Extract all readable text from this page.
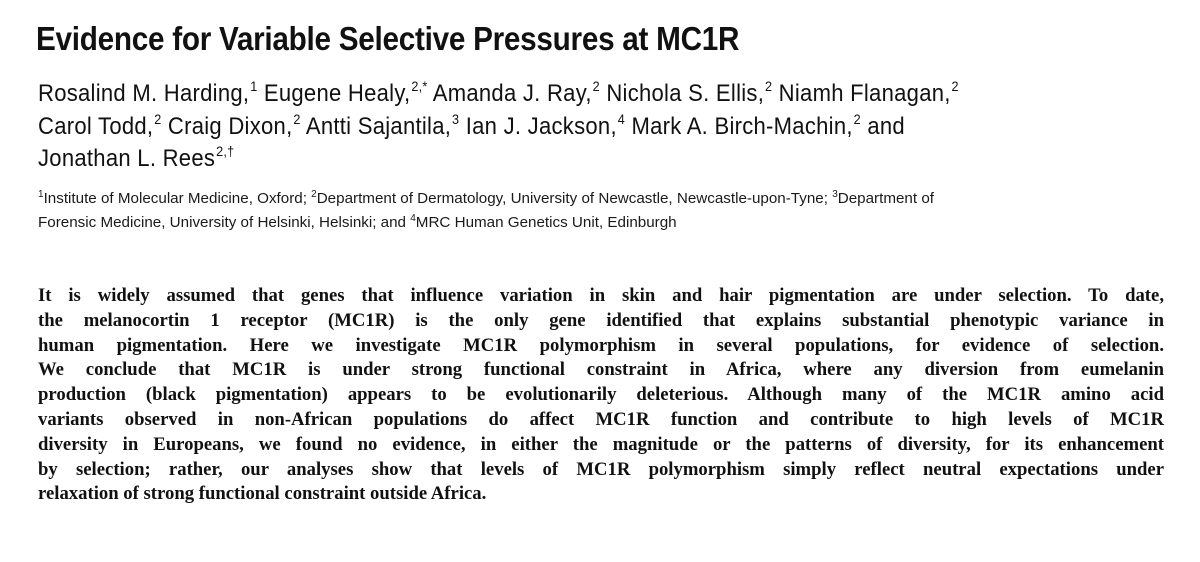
Evidence for Variable Selective Pressures at MC1R
Rosalind M. Harding,$^1$ Eugene Healy,$^{2,*}$ Amanda J. Ray,$^2$ Nichola S. Ellis,$^2$ Niamh Flanagan,$^2$
Carol Todd,$^2$ Craig Dixon,$^2$ Antti Sajantila,$^3$ Ian J. Jackson,$^4$ Mark A. Birch-Machin,$^2$ and
Jonathan L. Rees$^{2,\dagger}$
$^1$Institute of Molecular Medicine, Oxford; $^2$Department of Dermatology, University of Newcastle, Newcastle-upon-Tyne; $^3$Department of
Forensic Medicine, University of Helsinki, Helsinki; and $^4$MRC Human Genetics Unit, Edinburgh
It is widely assumed that genes that influence variation in skin and hair pigmentation are under selection. To date,
the melanocortin 1 receptor (MC1R) is the only gene identified that explains substantial phenotypic variance in
human pigmentation. Here we investigate MC1R polymorphism in several populations, for evidence of selection.
We conclude that MC1R is under strong functional constraint in Africa, where any diversion from eumelanin
production (black pigmentation) appears to be evolutionarily deleterious. Although many of the MC1R amino acid
variants observed in non-African populations do affect MC1R function and contribute to high levels of MC1R
diversity in Europeans, we found no evidence, in either the magnitude or the patterns of diversity, for its enhancement
by selection; rather, our analyses show that levels of MC1R polymorphism simply reflect neutral expectations under
relaxation of strong functional constraint outside Africa.
